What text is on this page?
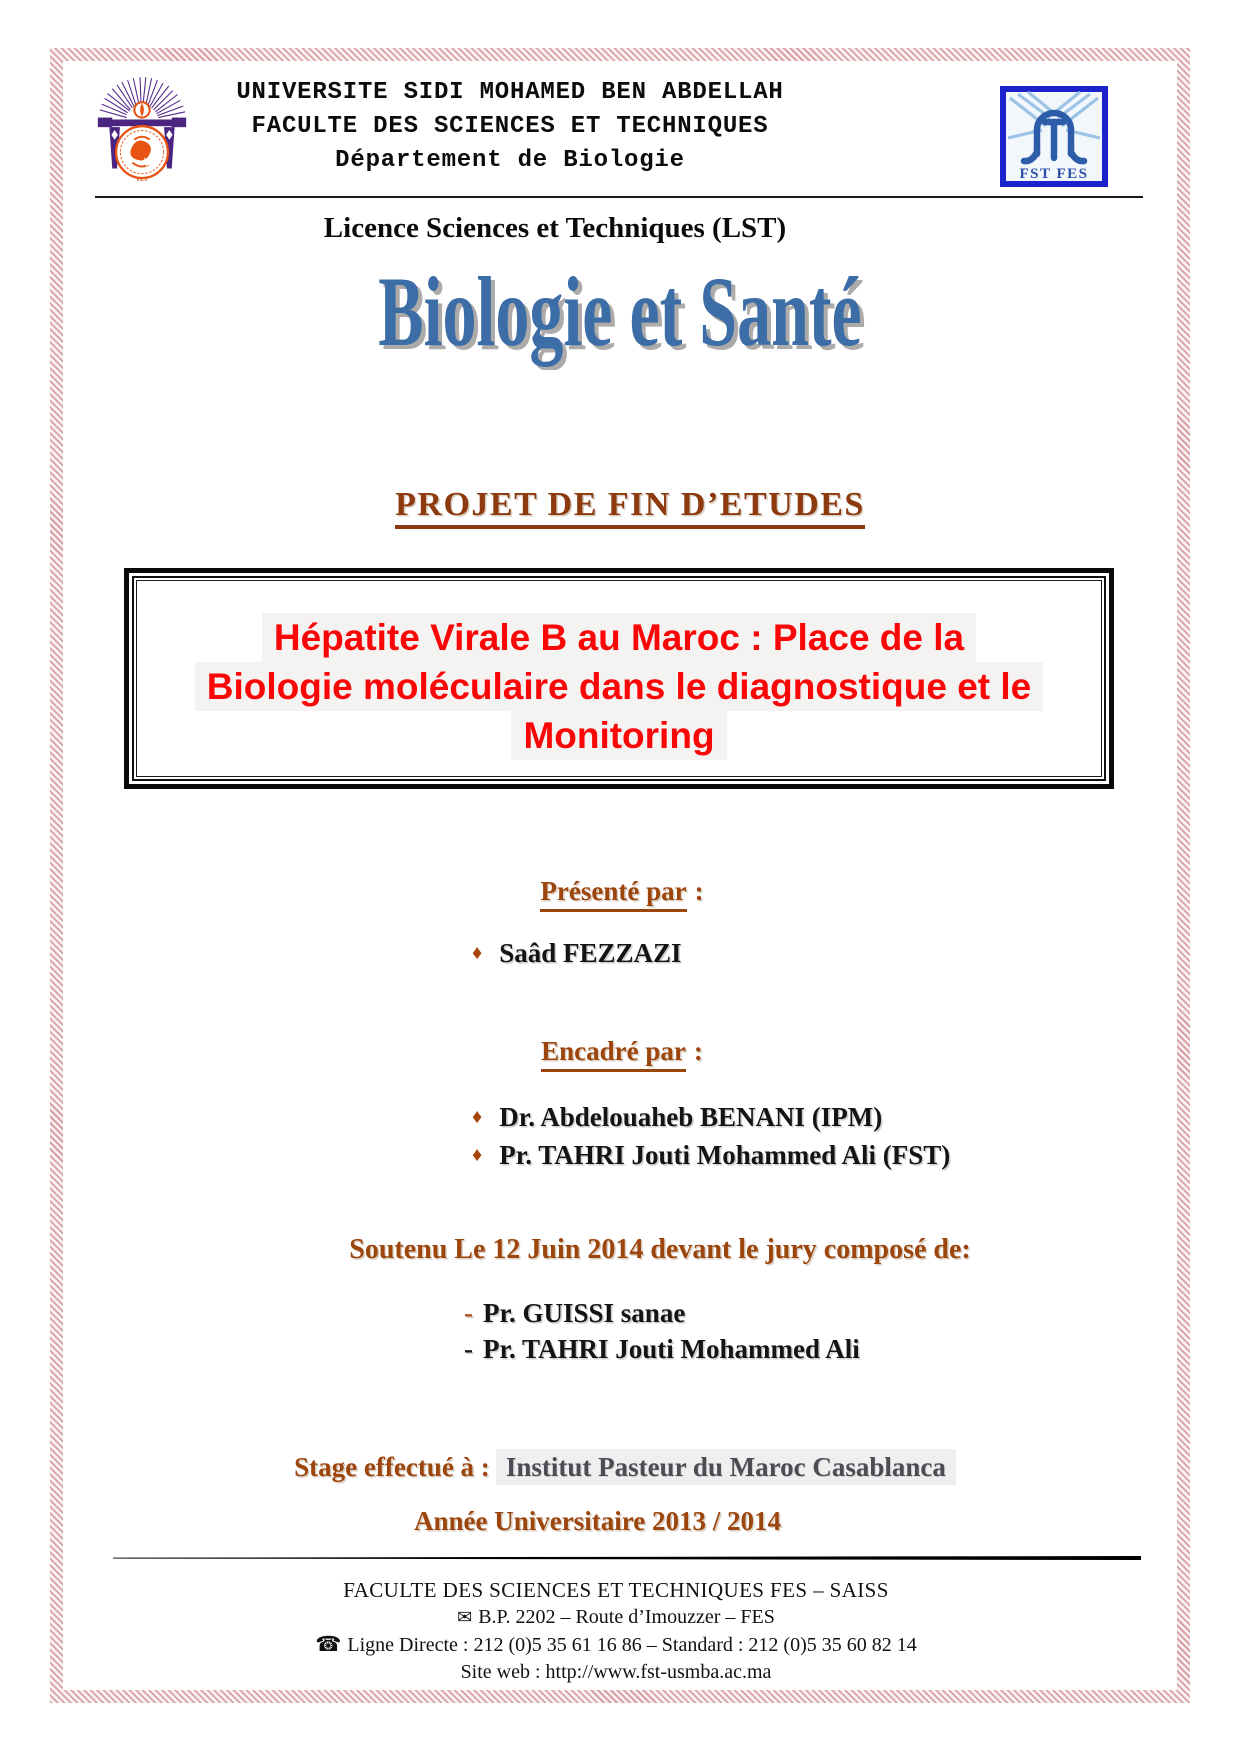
FES	FST FES
UNIVERSITE SIDI MOHAMED BEN ABDELLAH
FACULTE DES SCIENCES ET TECHNIQUES
Département de Biologie
Licence Sciences et Techniques (LST)
Biologie et Santé
PROJET DE FIN D’ETUDES
Hépatite Virale B au Maroc : Place de la
Biologie moléculaire dans le diagnostique et le
Monitoring
Présenté par :
♦ Saâd FEZZAZI
Encadré par :
♦ Dr. Abdelouaheb BENANI (IPM)
♦ Pr. TAHRI Jouti Mohammed Ali (FST)
Soutenu Le 12 Juin 2014 devant le jury composé de:
- Pr. GUISSI sanae
- Pr. TAHRI Jouti Mohammed Ali
Stage effectué à : Institut Pasteur du Maroc Casablanca
Année Universitaire 2013 / 2014
FACULTE DES SCIENCES ET TECHNIQUES FES – SAISS
✉ B.P. 2202 – Route d’Imouzzer – FES
☎ Ligne Directe : 212 (0)5 35 61 16 86 – Standard : 212 (0)5 35 60 82 14
Site web : http://www.fst-usmba.ac.ma
